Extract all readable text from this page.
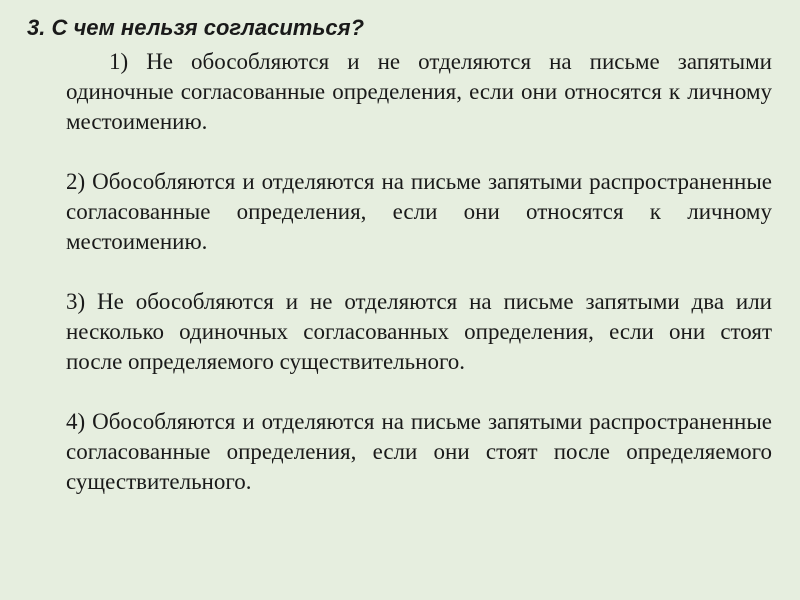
3. С чем нельзя согласиться?

1) Не обособляются и не отделяются на письме запятыми одиночные согласованные определения, если они относятся к личному местоимению.

2) Обособляются и отделяются на письме запятыми распространенные согласованные определения, если они относятся к личному местоимению.

3) Не обособляются и не отделяются на письме запятыми два или несколько одиночных согласованных определения, если они стоят после определяемого существительного.

4) Обособляются и отделяются на письме запятыми распространенные согласованные определения, если они стоят после определяемого существительного.
